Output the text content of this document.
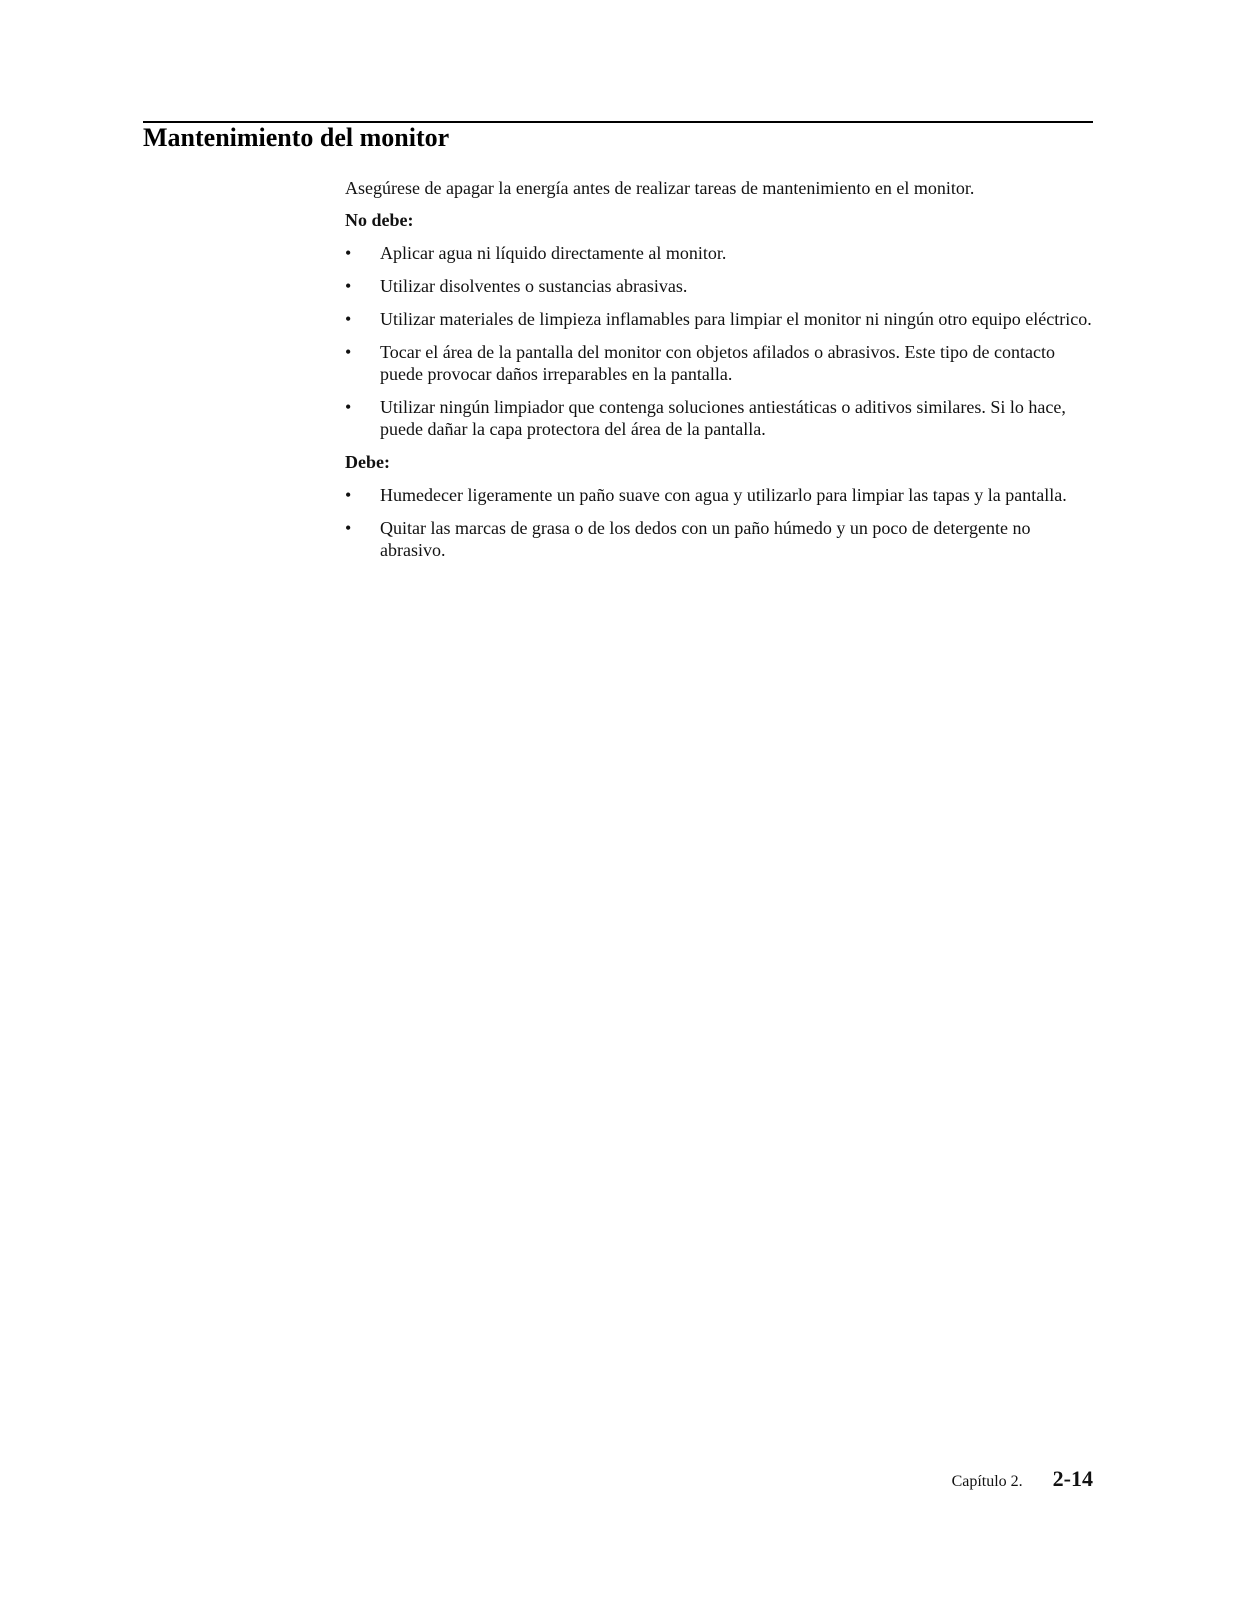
Mantenimiento del monitor

Asegúrese de apagar la energía antes de realizar tareas de mantenimiento en el monitor.

No debe:

• Aplicar agua ni líquido directamente al monitor.
• Utilizar disolventes o sustancias abrasivas.
• Utilizar materiales de limpieza inflamables para limpiar el monitor ni ningún otro equipo eléctrico.
• Tocar el área de la pantalla del monitor con objetos afilados o abrasivos. Este tipo de contacto puede provocar daños irreparables en la pantalla.
• Utilizar ningún limpiador que contenga soluciones antiestáticas o aditivos similares. Si lo hace, puede dañar la capa protectora del área de la pantalla.

Debe:

• Humedecer ligeramente un paño suave con agua y utilizarlo para limpiar las tapas y la pantalla.
• Quitar las marcas de grasa o de los dedos con un paño húmedo y un poco de detergente no abrasivo.
Capítulo 2. 2-14
